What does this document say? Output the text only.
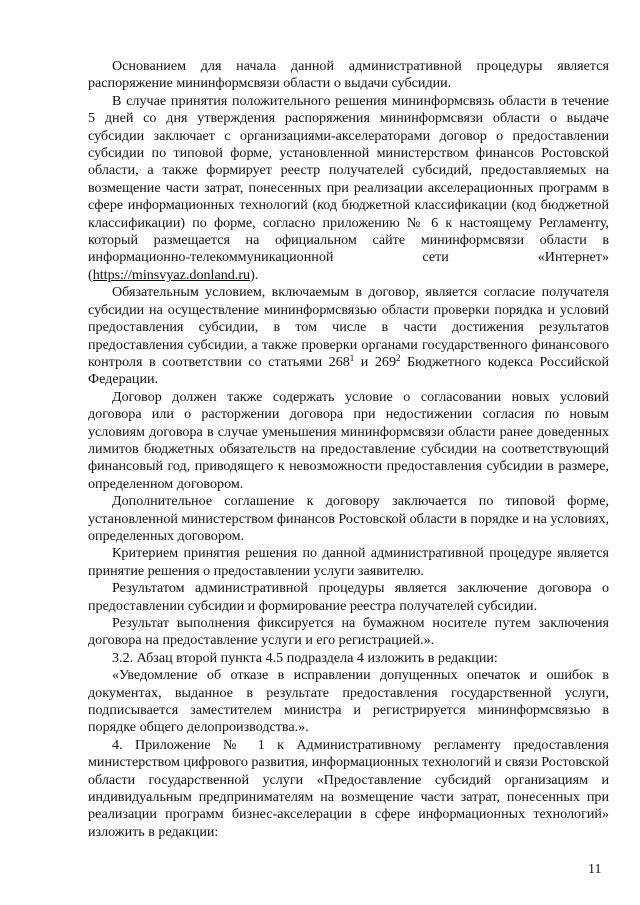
Основанием для начала данной административной процедуры является распоряжение мининформсвязи области о выдачи субсидии.

В случае принятия положительного решения мининформсвязь области в течение 5 дней со дня утверждения распоряжения мининформсвязи области о выдаче субсидии заключает с организациями-акселераторами договор о предоставлении субсидии по типовой форме, установленной министерством финансов Ростовской области, а также формирует реестр получателей субсидий, предоставляемых на возмещение части затрат, понесенных при реализации акселерационных программ в сфере информационных технологий (код бюджетной классификации (код бюджетной классификации) по форме, согласно приложению № 6 к настоящему Регламенту, который размещается на официальном сайте мининформсвязи области в информационно-телекоммуникационной сети «Интернет» (https://minsvyaz.donland.ru).

Обязательным условием, включаемым в договор, является согласие получателя субсидии на осуществление мининформсвязью области проверки порядка и условий предоставления субсидии, в том числе в части достижения результатов предоставления субсидии, а также проверки органами государственного финансового контроля в соответствии со статьями $268^1$ и $269^2$ Бюджетного кодекса Российской Федерации.

Договор должен также содержать условие о согласовании новых условий договора или о расторжении договора при недостижении согласия по новым условиям договора в случае уменьшения мининформсвязи области ранее доведенных лимитов бюджетных обязательств на предоставление субсидии на соответствующий финансовый год, приводящего к невозможности предоставления субсидии в размере, определенном договором.

Дополнительное соглашение к договору заключается по типовой форме, установленной министерством финансов Ростовской области в порядке и на условиях, определенных договором.

Критерием принятия решения по данной административной процедуре является принятие решения о предоставлении услуги заявителю.

Результатом административной процедуры является заключение договора о предоставлении субсидии и формирование реестра получателей субсидии.

Результат выполнения фиксируется на бумажном носителе путем заключения договора на предоставление услуги и его регистрацией.».

3.2. Абзац второй пункта 4.5 подраздела 4 изложить в редакции:

«Уведомление об отказе в исправлении допущенных опечаток и ошибок в документах, выданное в результате предоставления государственной услуги, подписывается заместителем министра и регистрируется мининформсвязью в порядке общего делопроизводства.».

4. Приложение № 1 к Административному регламенту предоставления министерством цифрового развития, информационных технологий и связи Ростовской области государственной услуги «Предоставление субсидий организациям и индивидуальным предпринимателям на возмещение части затрат, понесенных при реализации программ бизнес-акселерации в сфере информационных технологий» изложить в редакции:

11
